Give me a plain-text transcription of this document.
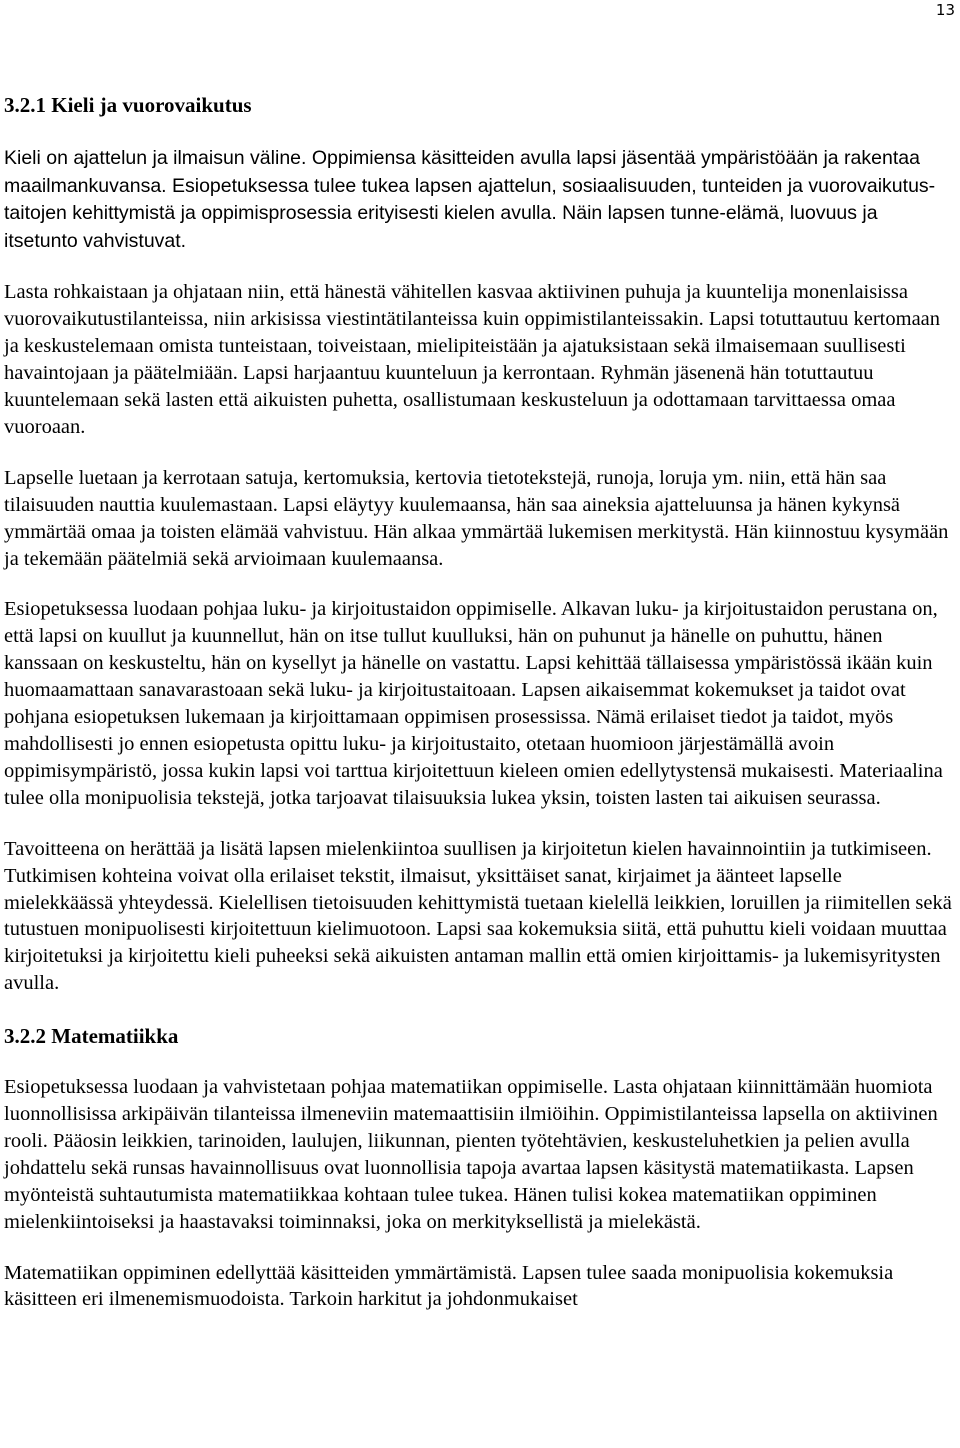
13
3.2.1 Kieli ja vuorovaikutus

Kieli on ajattelun ja ilmaisun väline. Oppimiensa käsitteiden avulla lapsi jäsentää ympäristöään ja rakentaa maailmankuvansa. Esiopetuksessa tulee tukea lapsen ajattelun, sosiaalisuuden, tunteiden ja vuorovaikutus-taitojen kehittymistä ja oppimisprosessia erityisesti kielen avulla. Näin lapsen tunne-elämä, luovuus ja itsetunto vahvistuvat.

Lasta rohkaistaan ja ohjataan niin, että hänestä vähitellen kasvaa aktiivinen puhuja ja kuuntelija monenlaisissa vuorovaikutustilanteissa, niin arkisissa viestintätilanteissa kuin oppimistilanteissakin. Lapsi totuttautuu kertomaan ja keskustelemaan omista tunteistaan, toiveistaan, mielipiteistään ja ajatuksistaan sekä ilmaisemaan suullisesti havaintojaan ja päätelmiään. Lapsi harjaantuu kuunteluun ja kerrontaan. Ryhmän jäsenenä hän totuttautuu kuuntelemaan sekä lasten että aikuisten puhetta, osallistumaan keskusteluun ja odottamaan tarvittaessa omaa vuoroaan.

Lapselle luetaan ja kerrotaan satuja, kertomuksia, kertovia tietotekstejä, runoja, loruja ym. niin, että hän saa tilaisuuden nauttia kuulemastaan. Lapsi eläytyy kuulemaansa, hän saa aineksia ajatteluunsa ja hänen kykynsä ymmärtää omaa ja toisten elämää vahvistuu. Hän alkaa ymmärtää lukemisen merkitystä. Hän kiinnostuu kysymään ja tekemään päätelmiä sekä arvioimaan kuulemaansa.

Esiopetuksessa luodaan pohjaa luku- ja kirjoitustaidon oppimiselle. Alkavan luku- ja kirjoitustaidon perustana on, että lapsi on kuullut ja kuunnellut, hän on itse tullut kuulluksi, hän on puhunut ja hänelle on puhuttu, hänen kanssaan on keskusteltu, hän on kysellyt ja hänelle on vastattu. Lapsi kehittää tällaisessa ympäristössä ikään kuin huomaamattaan sanavarastoaan sekä luku- ja kirjoitustaitoaan. Lapsen aikaisemmat kokemukset ja taidot ovat pohjana esiopetuksen lukemaan ja kirjoittamaan oppimisen prosessissa. Nämä erilaiset tiedot ja taidot, myös mahdollisesti jo ennen esiopetusta opittu luku- ja kirjoitustaito, otetaan huomioon järjestämällä avoin oppimisympäristö, jossa kukin lapsi voi tarttua kirjoitettuun kieleen omien edellytystensä mukaisesti. Materiaalina tulee olla monipuolisia tekstejä, jotka tarjoavat tilaisuuksia lukea yksin, toisten lasten tai aikuisen seurassa.

Tavoitteena on herättää ja lisätä lapsen mielenkiintoa suullisen ja kirjoitetun kielen havainnointiin ja tutkimiseen. Tutkimisen kohteina voivat olla erilaiset tekstit, ilmaisut, yksittäiset sanat, kirjaimet ja äänteet lapselle mielekkäässä yhteydessä. Kielellisen tietoisuuden kehittymistä tuetaan kielellä leikkien, loruillen ja riimitellen sekä tutustuen monipuolisesti kirjoitettuun kielimuotoon. Lapsi saa kokemuksia siitä, että puhuttu kieli voidaan muuttaa kirjoitetuksi ja kirjoitettu kieli puheeksi sekä aikuisten antaman mallin että omien kirjoittamis- ja lukemisyritysten avulla.

3.2.2 Matematiikka

Esiopetuksessa luodaan ja vahvistetaan pohjaa matematiikan oppimiselle. Lasta ohjataan kiinnittämään huomiota luonnollisissa arkipäivän tilanteissa ilmeneviin matemaattisiin ilmiöihin. Oppimistilanteissa lapsella on aktiivinen rooli. Pääosin leikkien, tarinoiden, laulujen, liikunnan, pienten työtehtävien, keskusteluhetkien ja pelien avulla johdattelu sekä runsas havainnollisuus ovat luonnollisia tapoja avartaa lapsen käsitystä matematiikasta. Lapsen myönteistä suhtautumista matematiikkaa kohtaan tulee tukea. Hänen tulisi kokea matematiikan oppiminen mielenkiintoiseksi ja haastavaksi toiminnaksi, joka on merkityksellistä ja mielekästä.

Matematiikan oppiminen edellyttää käsitteiden ymmärtämistä. Lapsen tulee saada monipuolisia kokemuksia käsitteen eri ilmenemismuodoista. Tarkoin harkitut ja johdonmukaiset
